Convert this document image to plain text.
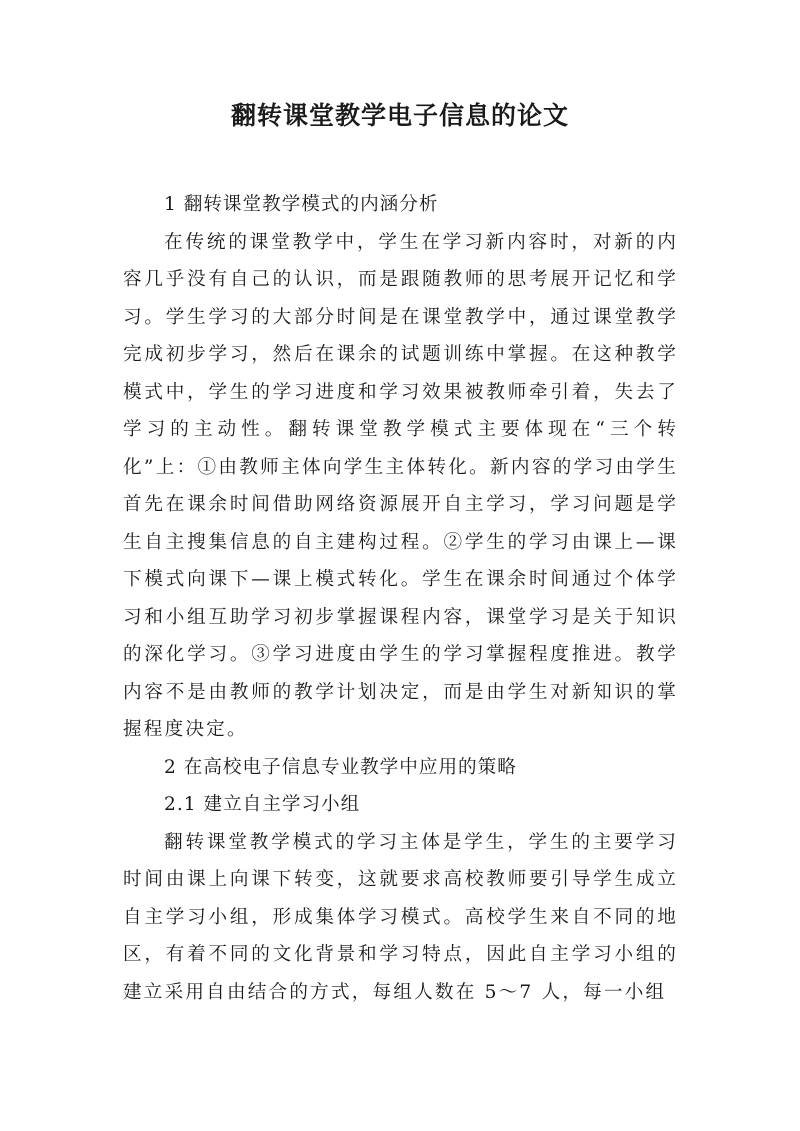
翻转课堂教学电子信息的论文

1 翻转课堂教学模式的内涵分析

在传统的课堂教学中，学生在学习新内容时，对新的内容几乎没有自己的认识，而是跟随教师的思考展开记忆和学习。学生学习的大部分时间是在课堂教学中，通过课堂教学完成初步学习，然后在课余的试题训练中掌握。在这种教学模式中，学生的学习进度和学习效果被教师牵引着，失去了学习的主动性。翻转课堂教学模式主要体现在“三个转化”上：①由教师主体向学生主体转化。新内容的学习由学生首先在课余时间借助网络资源展开自主学习，学习问题是学生自主搜集信息的自主建构过程。②学生的学习由课上—课下模式向课下—课上模式转化。学生在课余时间通过个体学习和小组互助学习初步掌握课程内容，课堂学习是关于知识的深化学习。③学习进度由学生的学习掌握程度推进。教学内容不是由教师的教学计划决定，而是由学生对新知识的掌握程度决定。

2 在高校电子信息专业教学中应用的策略

2.1 建立自主学习小组

翻转课堂教学模式的学习主体是学生，学生的主要学习时间由课上向课下转变，这就要求高校教师要引导学生成立自主学习小组，形成集体学习模式。高校学生来自不同的地区，有着不同的文化背景和学习特点，因此自主学习小组的建立采用自由结合的方式，每组人数在 5～7 人，每一小组
